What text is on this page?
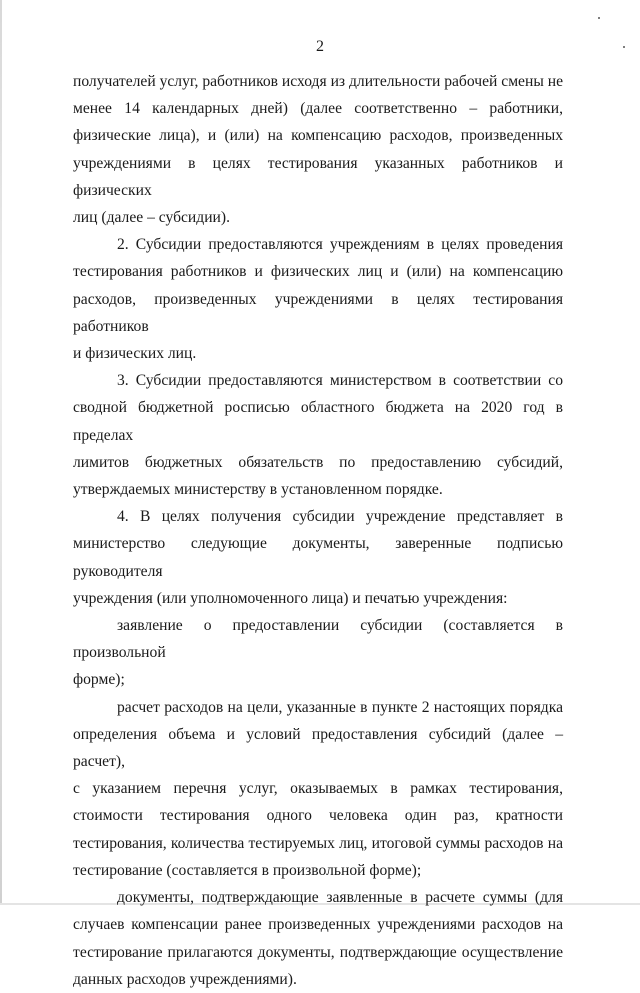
2
получателей услуг, работников исходя из длительности рабочей смены не
менее 14 календарных дней) (далее соответственно – работники,
физические лица), и (или) на компенсацию расходов, произведенных
учреждениями в целях тестирования указанных работников и физических
лиц (далее – субсидии).
2. Субсидии предоставляются учреждениям в целях проведения
тестирования работников и физических лиц и (или) на компенсацию
расходов, произведенных учреждениями в целях тестирования работников
и физических лиц.
3. Субсидии предоставляются министерством в соответствии со
сводной бюджетной росписью областного бюджета на 2020 год в пределах
лимитов бюджетных обязательств по предоставлению субсидий,
утверждаемых министерству в установленном порядке.
4. В целях получения субсидии учреждение представляет в
министерство следующие документы, заверенные подписью руководителя
учреждения (или уполномоченного лица) и печатью учреждения:
заявление о предоставлении субсидии (составляется в произвольной
форме);
расчет расходов на цели, указанные в пункте 2 настоящих порядка
определения объема и условий предоставления субсидий (далее – расчет),
с указанием перечня услуг, оказываемых в рамках тестирования,
стоимости тестирования одного человека один раз, кратности
тестирования, количества тестируемых лиц, итоговой суммы расходов на
тестирование (составляется в произвольной форме);
документы, подтверждающие заявленные в расчете суммы (для
случаев компенсации ранее произведенных учреждениями расходов на
тестирование прилагаются документы, подтверждающие осуществление
данных расходов учреждениями).
